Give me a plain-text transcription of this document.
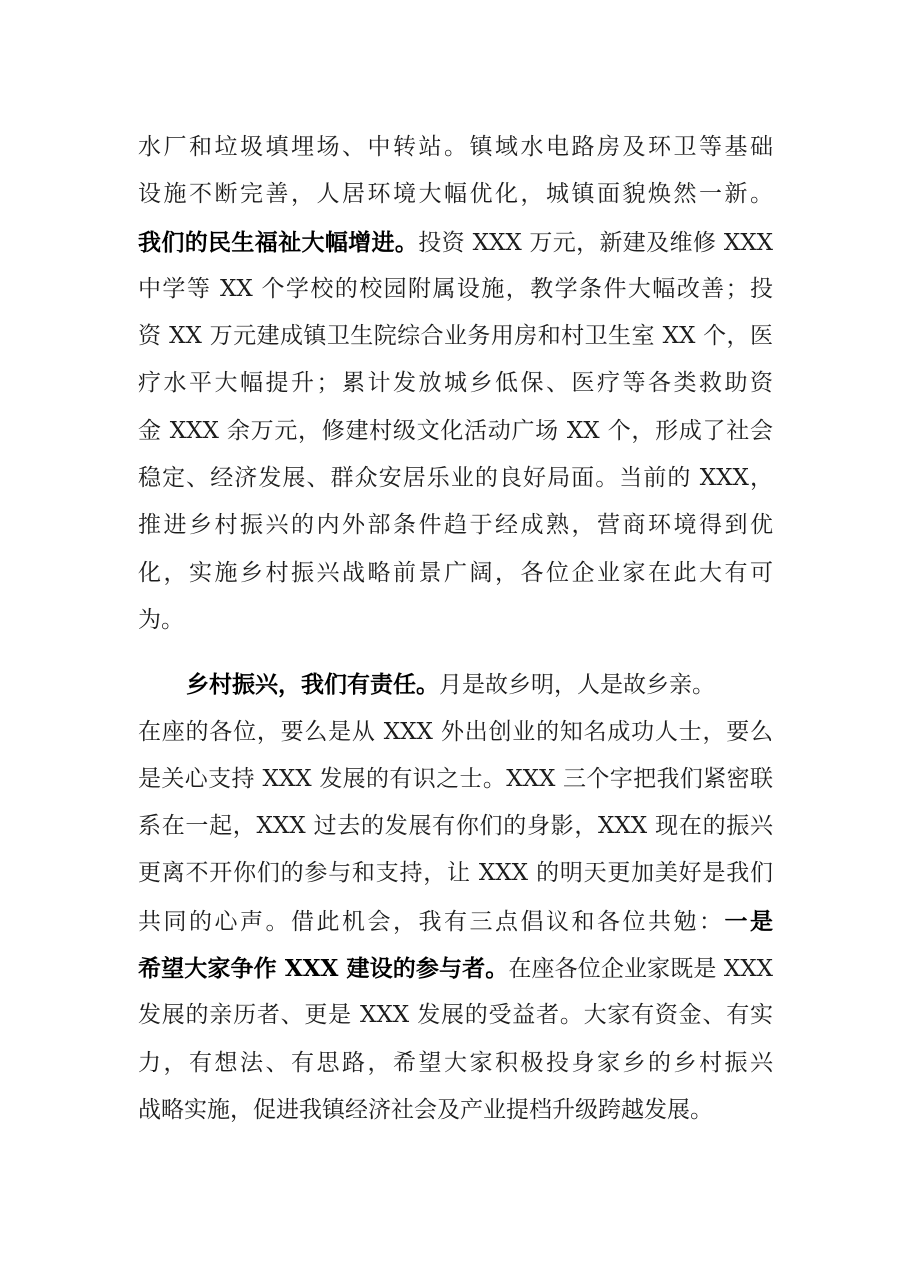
水厂和垃圾填埋场、中转站。镇域水电路房及环卫等基础
设施不断完善，人居环境大幅优化，城镇面貌焕然一新。
我们的民生福祉大幅增进。投资 XXX 万元，新建及维修 XXX
中学等 XX 个学校的校园附属设施，教学条件大幅改善；投
资 XX 万元建成镇卫生院综合业务用房和村卫生室 XX 个，医
疗水平大幅提升；累计发放城乡低保、医疗等各类救助资
金 XXX 余万元，修建村级文化活动广场 XX 个，形成了社会
稳定、经济发展、群众安居乐业的良好局面。当前的 XXX，
推进乡村振兴的内外部条件趋于经成熟，营商环境得到优
化，实施乡村振兴战略前景广阔，各位企业家在此大有可
为。
乡村振兴，我们有责任。月是故乡明，人是故乡亲。
在座的各位，要么是从 XXX 外出创业的知名成功人士，要么
是关心支持 XXX 发展的有识之士。XXX 三个字把我们紧密联
系在一起，XXX 过去的发展有你们的身影，XXX 现在的振兴
更离不开你们的参与和支持，让 XXX 的明天更加美好是我们
共同的心声。借此机会，我有三点倡议和各位共勉：一是
希望大家争作 XXX 建设的参与者。在座各位企业家既是 XXX
发展的亲历者、更是 XXX 发展的受益者。大家有资金、有实
力，有想法、有思路，希望大家积极投身家乡的乡村振兴
战略实施，促进我镇经济社会及产业提档升级跨越发展。
